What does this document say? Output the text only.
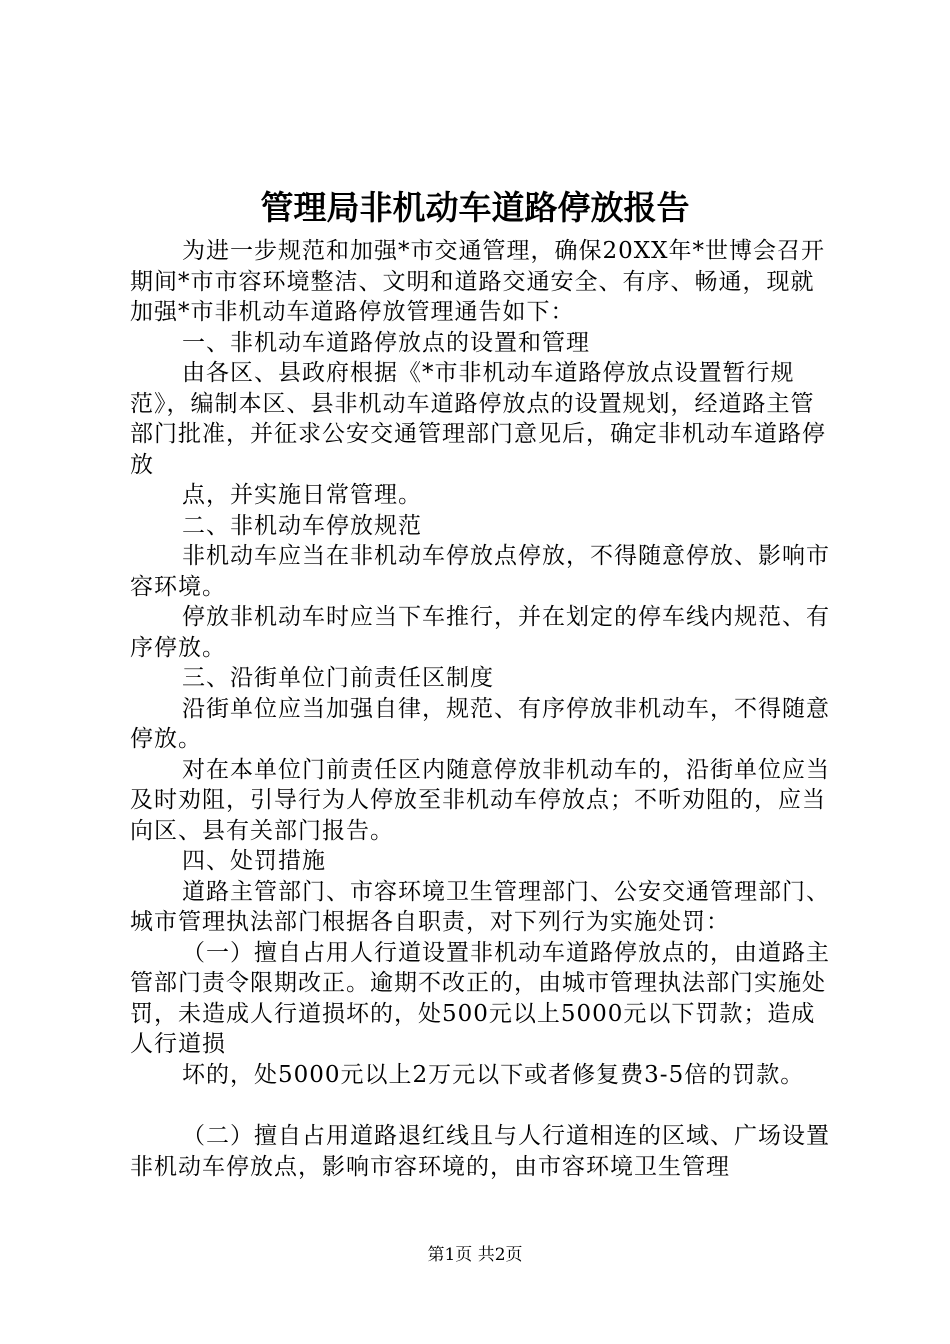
管理局非机动车道路停放报告

为进一步规范和加强*市交通管理，确保20XX年*世博会召开期间*市市容环境整洁、文明和道路交通安全、有序、畅通，现就加强*市非机动车道路停放管理通告如下：

一、非机动车道路停放点的设置和管理

由各区、县政府根据《*市非机动车道路停放点设置暂行规范》，编制本区、县非机动车道路停放点的设置规划，经道路主管部门批准，并征求公安交通管理部门意见后，确定非机动车道路停放

点，并实施日常管理。

二、非机动车停放规范

非机动车应当在非机动车停放点停放，不得随意停放、影响市容环境。

停放非机动车时应当下车推行，并在划定的停车线内规范、有序停放。

三、沿街单位门前责任区制度

沿街单位应当加强自律，规范、有序停放非机动车，不得随意停放。

对在本单位门前责任区内随意停放非机动车的，沿街单位应当及时劝阻，引导行为人停放至非机动车停放点；不听劝阻的，应当向区、县有关部门报告。

四、处罚措施

道路主管部门、市容环境卫生管理部门、公安交通管理部门、城市管理执法部门根据各自职责，对下列行为实施处罚：

（一）擅自占用人行道设置非机动车道路停放点的，由道路主管部门责令限期改正。逾期不改正的，由城市管理执法部门实施处罚，未造成人行道损坏的，处500元以上5000元以下罚款；造成人行道损

坏的，处5000元以上2万元以下或者修复费3-5倍的罚款。

（二）擅自占用道路退红线且与人行道相连的区域、广场设置非机动车停放点，影响市容环境的，由市容环境卫生管理

第1页 共2页
